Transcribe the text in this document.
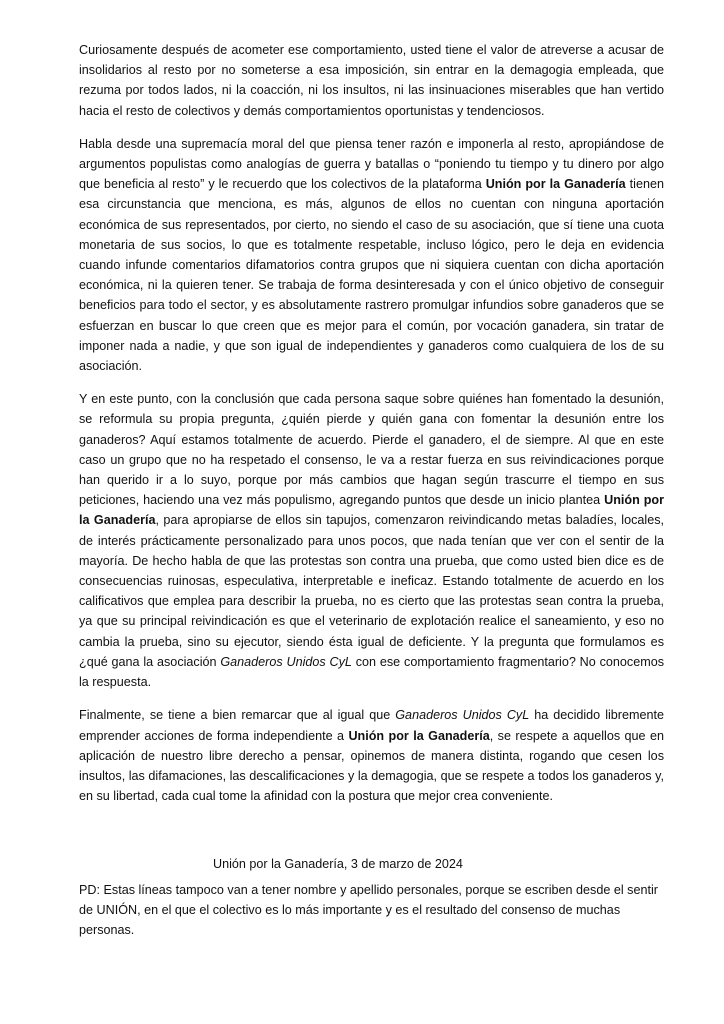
Curiosamente después de acometer ese comportamiento, usted tiene el valor de atreverse a acusar de insolidarios al resto por no someterse a esa imposición, sin entrar en la demagogia empleada, que rezuma por todos lados, ni la coacción, ni los insultos, ni las insinuaciones miserables que han vertido hacia el resto de colectivos y demás comportamientos oportunistas y tendenciosos.

Habla desde una supremacía moral del que piensa tener razón e imponerla al resto, apropiándose de argumentos populistas como analogías de guerra y batallas o “poniendo tu tiempo y tu dinero por algo que beneficia al resto” y le recuerdo que los colectivos de la plataforma Unión por la Ganadería tienen esa circunstancia que menciona, es más, algunos de ellos no cuentan con ninguna aportación económica de sus representados, por cierto, no siendo el caso de su asociación, que sí tiene una cuota monetaria de sus socios, lo que es totalmente respetable, incluso lógico, pero le deja en evidencia cuando infunde comentarios difamatorios contra grupos que ni siquiera cuentan con dicha aportación económica, ni la quieren tener. Se trabaja de forma desinteresada y con el único objetivo de conseguir beneficios para todo el sector, y es absolutamente rastrero promulgar infundios sobre ganaderos que se esfuerzan en buscar lo que creen que es mejor para el común, por vocación ganadera, sin tratar de imponer nada a nadie, y que son igual de independientes y ganaderos como cualquiera de los de su asociación.

Y en este punto, con la conclusión que cada persona saque sobre quiénes han fomentado la desunión, se reformula su propia pregunta, ¿quién pierde y quién gana con fomentar la desunión entre los ganaderos? Aquí estamos totalmente de acuerdo. Pierde el ganadero, el de siempre. Al que en este caso un grupo que no ha respetado el consenso, le va a restar fuerza en sus reivindicaciones porque han querido ir a lo suyo, porque por más cambios que hagan según trascurre el tiempo en sus peticiones, haciendo una vez más populismo, agregando puntos que desde un inicio plantea Unión por la Ganadería, para apropiarse de ellos sin tapujos, comenzaron reivindicando metas baladíes, locales, de interés prácticamente personalizado para unos pocos, que nada tenían que ver con el sentir de la mayoría. De hecho habla de que las protestas son contra una prueba, que como usted bien dice es de consecuencias ruinosas, especulativa, interpretable e ineficaz. Estando totalmente de acuerdo en los calificativos que emplea para describir la prueba, no es cierto que las protestas sean contra la prueba, ya que su principal reivindicación es que el veterinario de explotación realice el saneamiento, y eso no cambia la prueba, sino su ejecutor, siendo ésta igual de deficiente. Y la pregunta que formulamos es ¿qué gana la asociación Ganaderos Unidos CyL con ese comportamiento fragmentario? No conocemos la respuesta.

Finalmente, se tiene a bien remarcar que al igual que Ganaderos Unidos CyL ha decidido libremente emprender acciones de forma independiente a Unión por la Ganadería, se respete a aquellos que en aplicación de nuestro libre derecho a pensar, opinemos de manera distinta, rogando que cesen los insultos, las difamaciones, las descalificaciones y la demagogia, que se respete a todos los ganaderos y, en su libertad, cada cual tome la afinidad con la postura que mejor crea conveniente.

Unión por la Ganadería, 3 de marzo de 2024

PD: Estas líneas tampoco van a tener nombre y apellido personales, porque se escriben desde el sentir de UNIÓN, en el que el colectivo es lo más importante y es el resultado del consenso de muchas personas.
